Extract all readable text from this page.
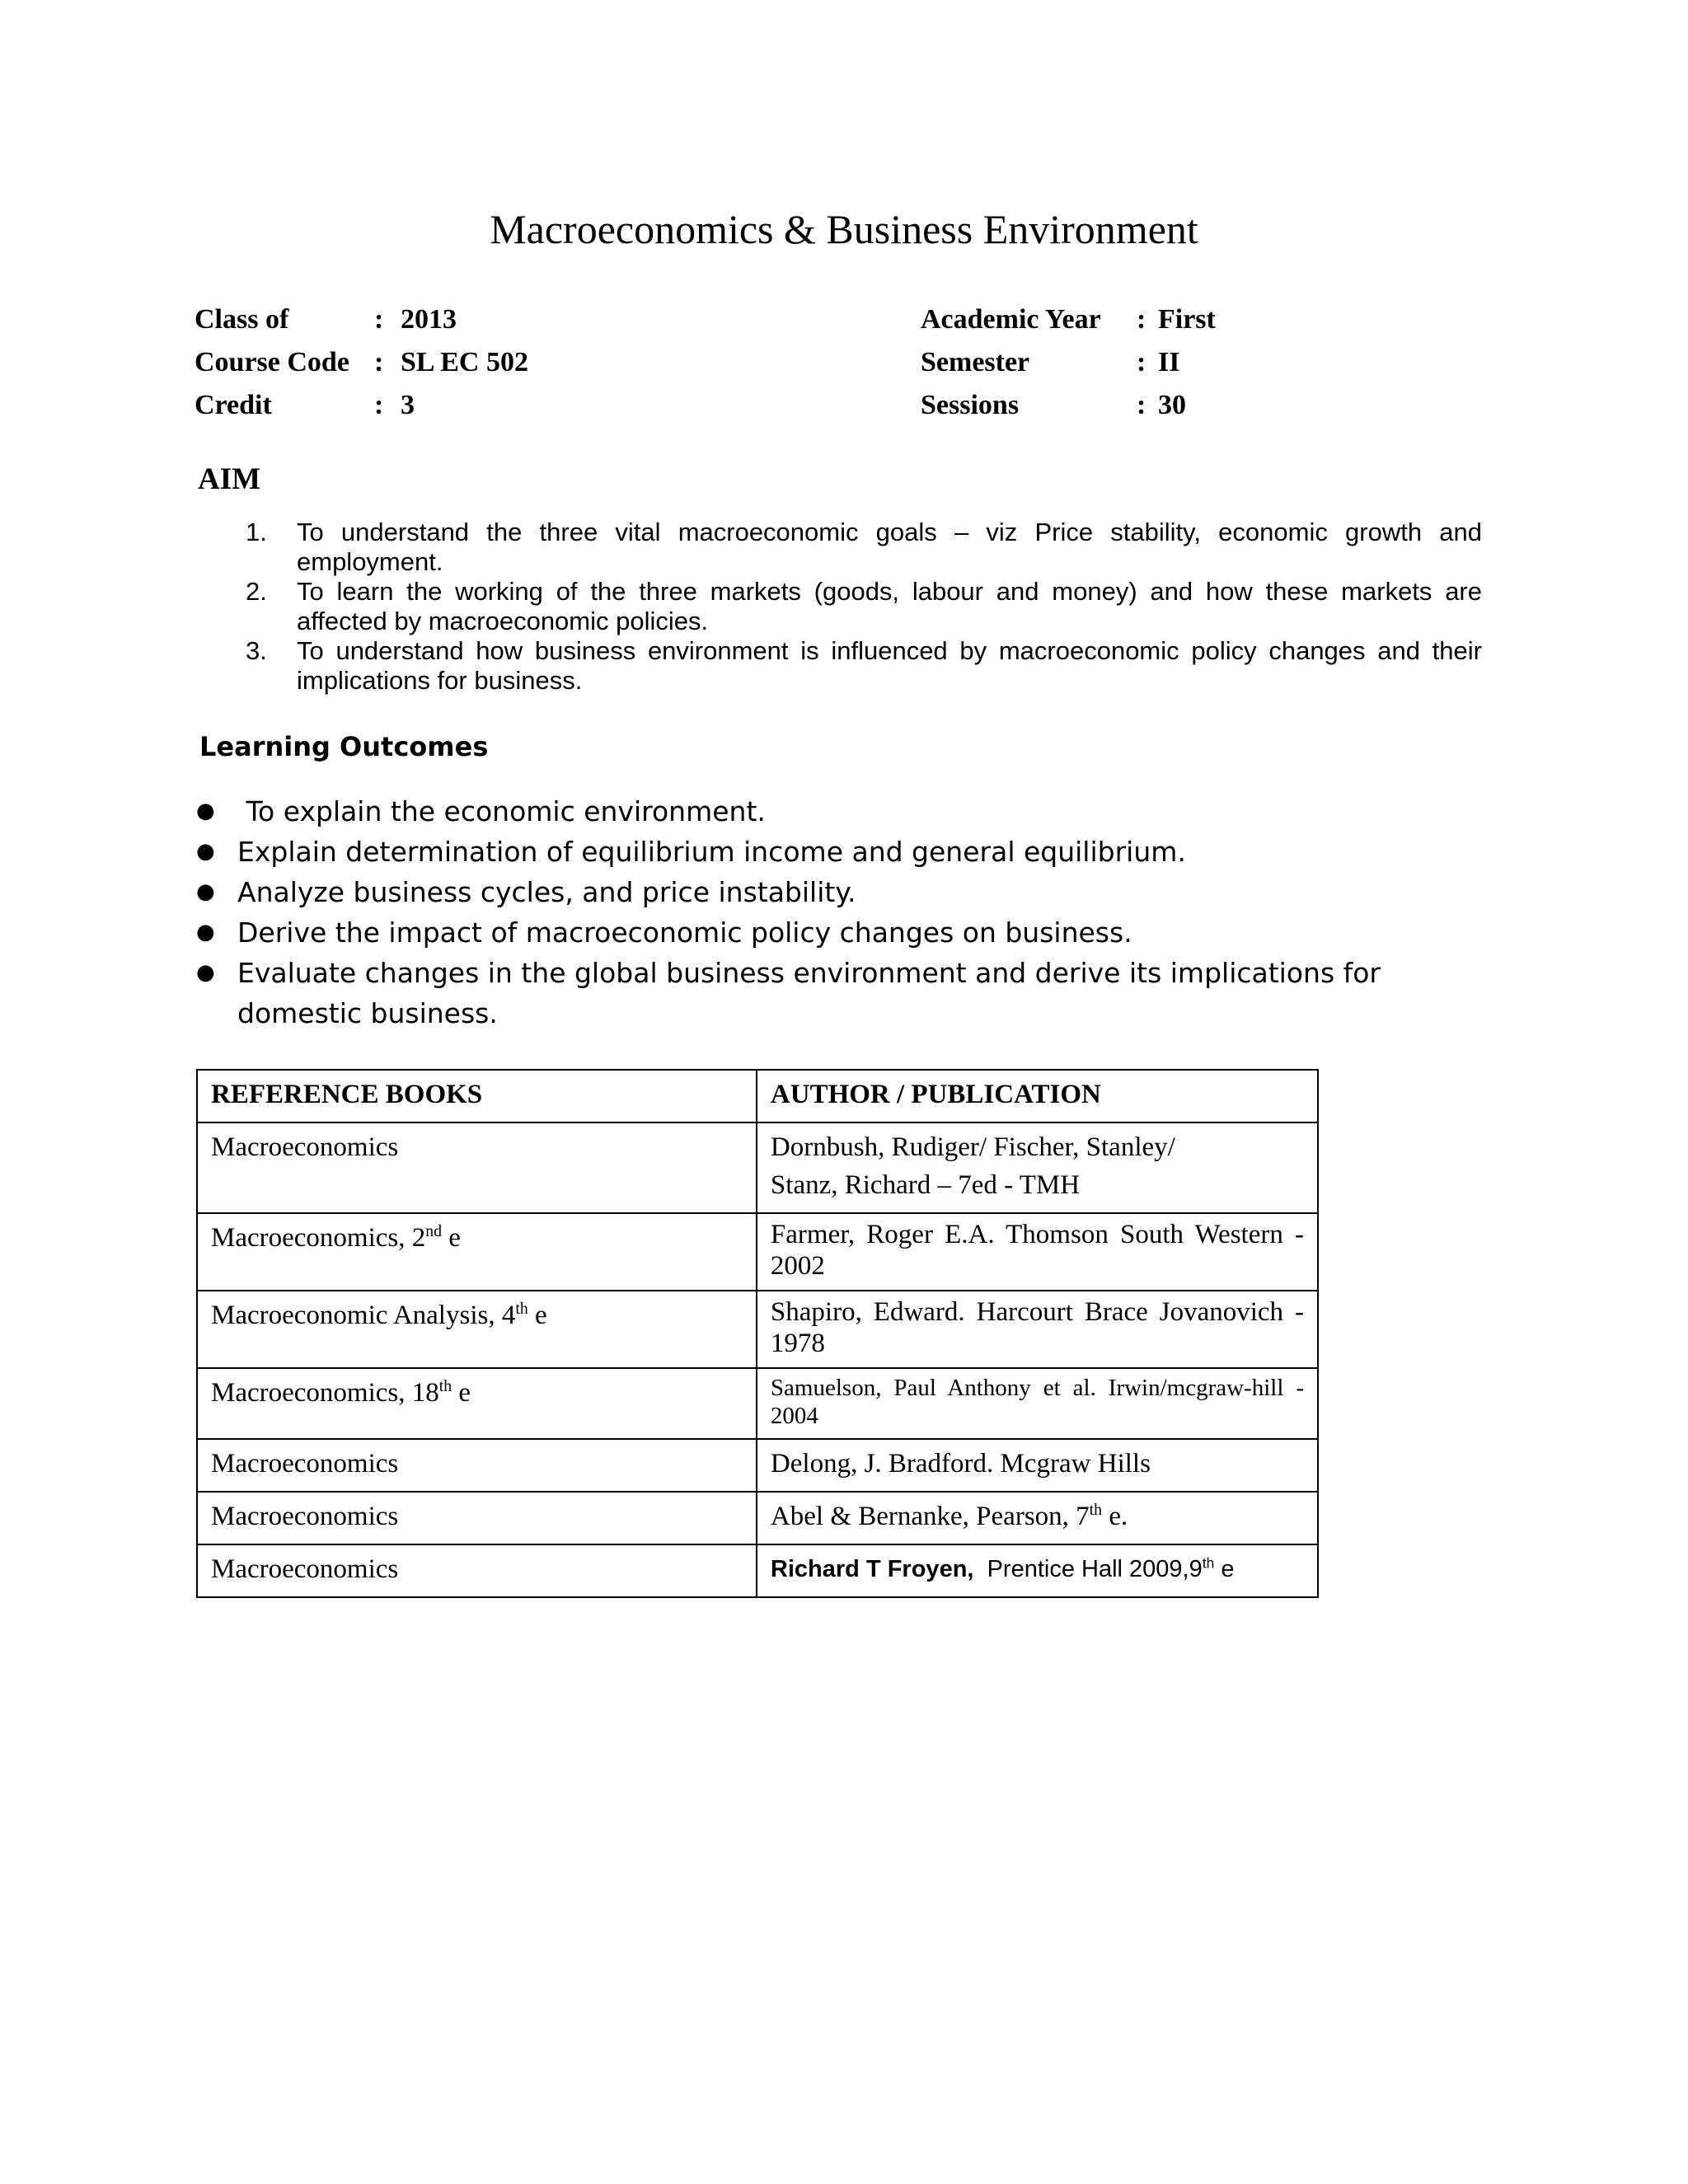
Macroeconomics & Business Environment
Class of	: 2013
Course Code : SL EC 502
Credit	: 3
Academic Year : First
Semester	: II
Sessions	: 30
AIM
1. To understand the three vital macroeconomic goals – viz Price stability, economic growth and employment.
2. To learn the working of the three markets (goods, labour and money) and how these markets are affected by macroeconomic policies.
3. To understand how business environment is influenced by macroeconomic policy changes and their implications for business.
Learning Outcomes
● To explain the economic environment.
● Explain determination of equilibrium income and general equilibrium.
● Analyze business cycles, and price instability.
● Derive the impact of macroeconomic policy changes on business.
● Evaluate changes in the global business environment and derive its implications for domestic business.
REFERENCE BOOKS	AUTHOR / PUBLICATION
Macroeconomics	Dornbush, Rudiger/ Fischer, Stanley/
Stanz, Richard – 7ed - TMH

Macroeconomics, 2nd e	Farmer, Roger E.A. Thomson South Western - 2002
Macroeconomic Analysis, 4th e	Shapiro, Edward. Harcourt Brace Jovanovich - 1978
Macroeconomics, 18th e	Samuelson, Paul Anthony et al. Irwin/mcgraw-hill - 2004
Macroeconomics	Delong, J. Bradford. Mcgraw Hills
Macroeconomics	Abel & Bernanke, Pearson, 7th e.
Macroeconomics	Richard T Froyen,  Prentice Hall 2009,9th e
